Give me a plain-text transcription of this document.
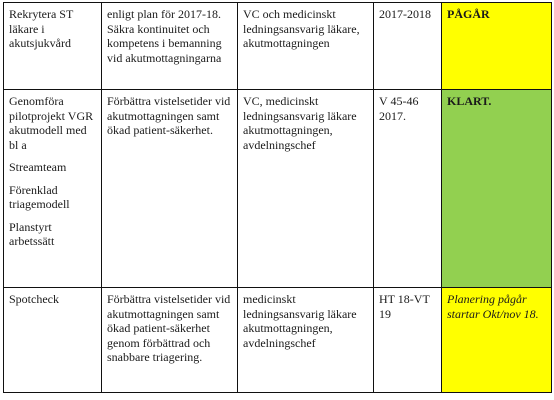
Rekrytera ST läkare i akutsjukvård	enligt plan för 2017-18. Säkra kontinuitet och kompetens i bemanning vid akutmottagningarna	VC och medicinskt ledningsansvarig läkare, akutmottagningen	2017-2018	PÅGÅR

Genomföra pilotprojekt VGR akutmodell med bl a
Streamteam
Förenklad triagemodell
Planstyrt arbetssätt	Förbättra vistelsetider vid akutmottagningen samt ökad patient-säkerhet.	VC, medicinskt ledningsansvarig läkare akutmottagningen, avdelningschef	V 45-46 2017.	KLART.
Spotcheck	Förbättra vistelsetider vid akutmottagningen samt ökad patient-säkerhet genom förbättrad och snabbare triagering.	medicinskt ledningsansvarig läkare akutmottagningen, avdelningschef	HT 18-VT 19	Planering pågår startar Okt/nov 18.
